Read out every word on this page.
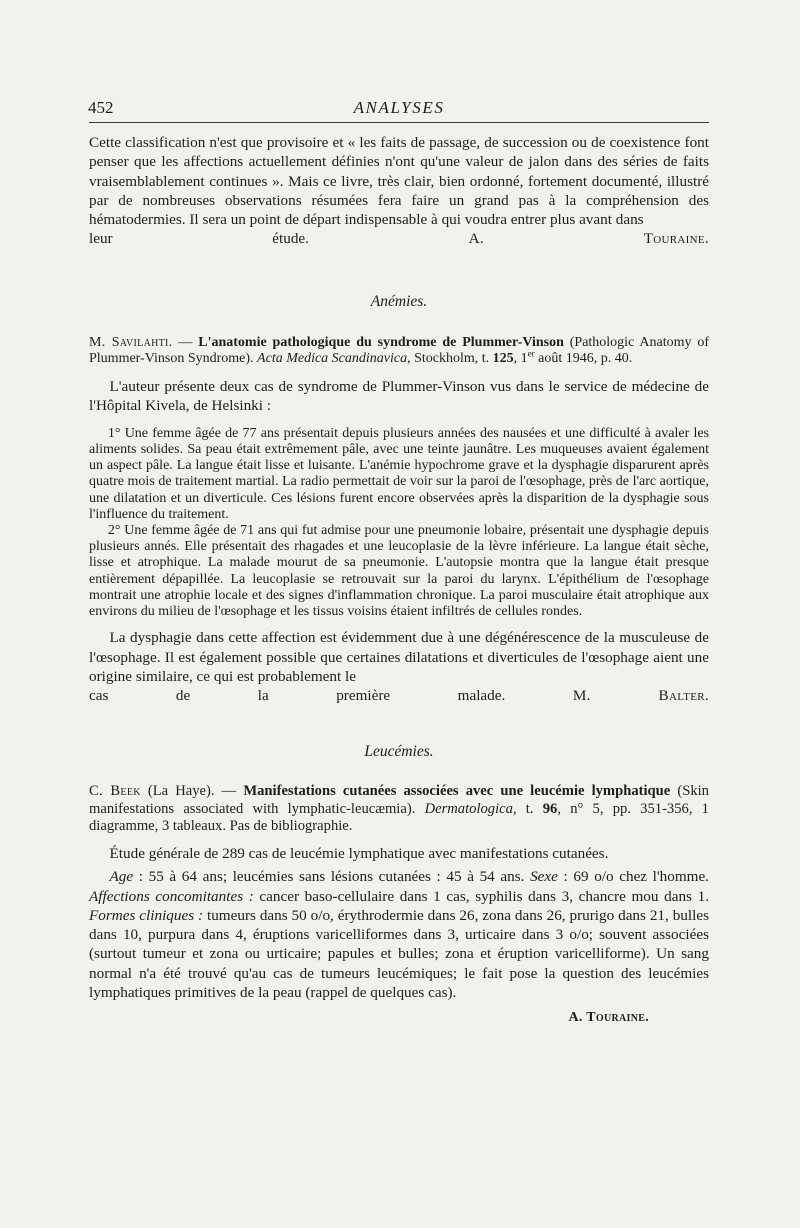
452	ANALYSES

Cette classification n'est que provisoire et « les faits de passage, de succession ou de coexistence font penser que les affections actuellement définies n'ont qu'une valeur de jalon dans des séries de faits vraisemblablement continues ». Mais ce livre, très clair, bien ordonné, fortement documenté, illustré par de nombreuses observations résumées fera faire un grand pas à la compréhension des hématodermies. Il sera un point de départ indispensable à qui voudra entrer plus avant dans

leur étude.	A. Touraine.

Anémies.

M. Savilahti. — L'anatomie pathologique du syndrome de Plummer-Vinson (Pathologic Anatomy of Plummer-Vinson Syndrome). Acta Medica Scandinavica, Stockholm, t. 125, 1er août 1946, p. 40.

L'auteur présente deux cas de syndrome de Plummer-Vinson vus dans le service de médecine de l'Hôpital Kivela, de Helsinki :

1° Une femme âgée de 77 ans présentait depuis plusieurs années des nausées et une difficulté à avaler les aliments solides. Sa peau était extrêmement pâle, avec une teinte jaunâtre. Les muqueuses avaient également un aspect pâle. La langue était lisse et luisante. L'anémie hypochrome grave et la dysphagie disparurent après quatre mois de traitement martial. La radio permettait de voir sur la paroi de l'œsophage, près de l'arc aortique, une dilatation et un diverticule. Ces lésions furent encore observées après la disparition de la dysphagie sous l'influence du traitement.

2° Une femme âgée de 71 ans qui fut admise pour une pneumonie lobaire, présentait une dysphagie depuis plusieurs annés. Elle présentait des rhagades et une leucoplasie de la lèvre inférieure. La langue était sèche, lisse et atrophique. La malade mourut de sa pneumonie. L'autopsie montra que la langue était presque entièrement dépapillée. La leucoplasie se retrouvait sur la paroi du larynx. L'épithélium de l'œsophage montrait une atrophie locale et des signes d'inflammation chronique. La paroi musculaire était atrophique aux environs du milieu de l'œsophage et les tissus voisins étaient infiltrés de cellules rondes.

La dysphagie dans cette affection est évidemment due à une dégénérescence de la musculeuse de l'œsophage. Il est également possible que certaines dilatations et diverticules de l'œsophage aient une origine similaire, ce qui est probablement le

cas de la première malade.	M. Balter.

Leucémies.

C. Beek (La Haye). — Manifestations cutanées associées avec une leucémie lymphatique (Skin manifestations associated with lymphatic-leucæmia). Dermatologica, t. 96, n° 5, pp. 351-356, 1 diagramme, 3 tableaux. Pas de bibliographie.

Étude générale de 289 cas de leucémie lymphatique avec manifestations cutanées.

Age : 55 à 64 ans; leucémies sans lésions cutanées : 45 à 54 ans. Sexe : 69 o/o chez l'homme. Affections concomitantes : cancer baso-cellulaire dans 1 cas, syphilis dans 3, chancre mou dans 1. Formes cliniques : tumeurs dans 50 o/o, érythrodermie dans 26, zona dans 26, prurigo dans 21, bulles dans 10, purpura dans 4, éruptions varicelliformes dans 3, urticaire dans 3 o/o; souvent associées (surtout tumeur et zona ou urticaire; papules et bulles; zona et éruption varicelliforme). Un sang normal n'a été trouvé qu'au cas de tumeurs leucémiques; le fait pose la question des leucémies lymphatiques primitives de la peau (rappel de quelques cas).

A. Touraine.
